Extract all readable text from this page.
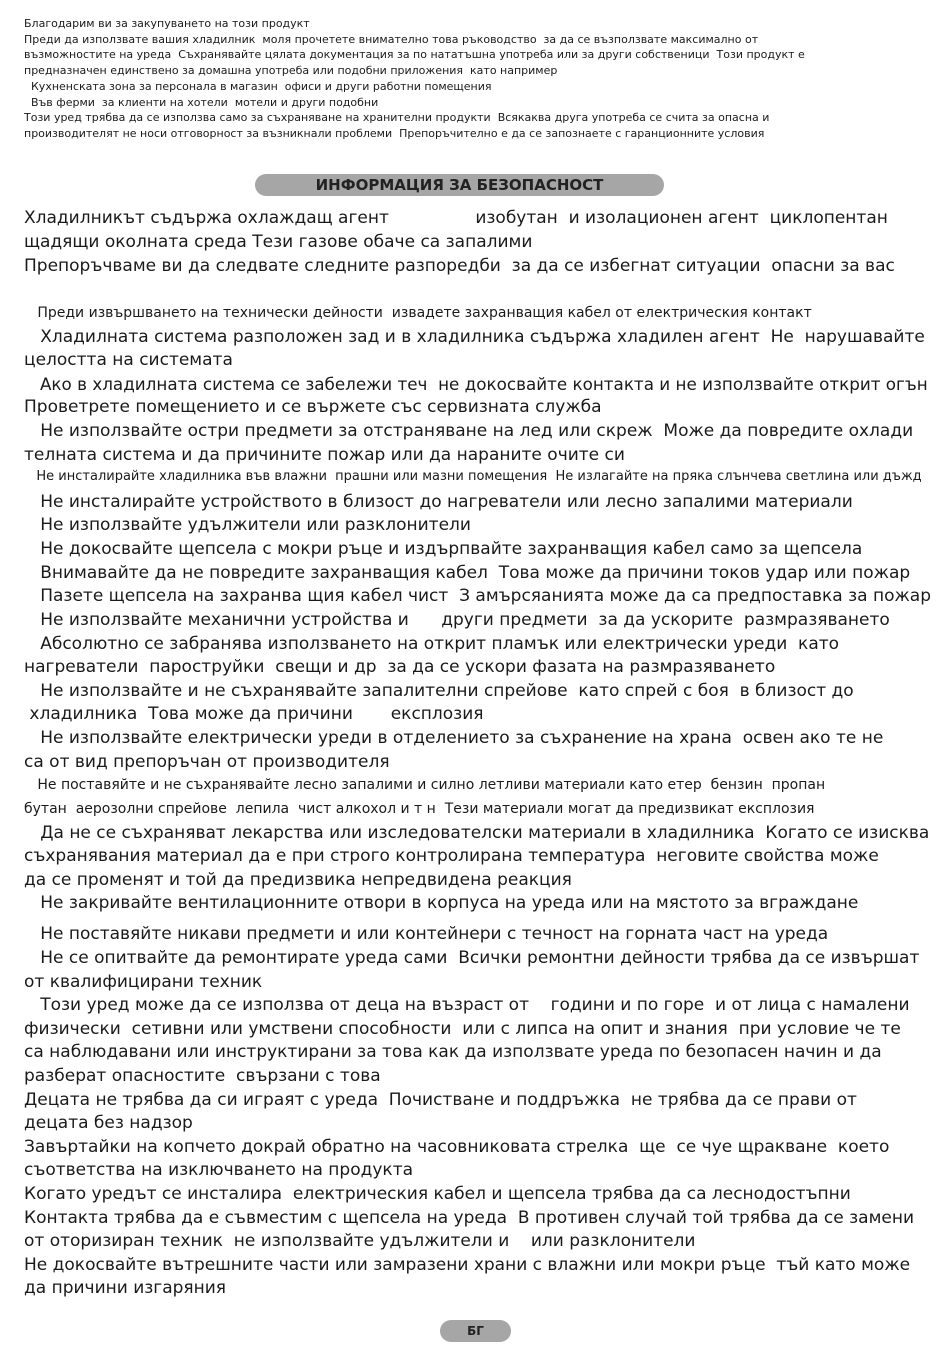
Благодарим ви за закупуването на този продукт
Преди да използвате вашия хладилник  моля прочетете внимателно това ръководство  за да се възползвате максимално от
възможностите на уреда  Съхранявайте цялата документация за по нататъшна употреба или за други собственици  Този продукт е
предназначен единствено за домашна употреба или подобни приложения  като например
Кухненската зона за персонала в магазин  офиси и други работни помещения
Във ферми  за клиенти на хотели  мотели и други подобни
Този уред трябва да се използва само за съхраняване на хранителни продукти  Всякаква друга употреба се счита за опасна и
производителят не носи отговорност за възникнали проблеми  Препоръчително е да се запознаете с гаранционните условия
ИНФОРМАЦИЯ ЗА БЕЗОПАСНОСТ
Хладилникът съдържа охлаждащ агент                изобутан  и изолационен агент  циклопентан
щадящи околната среда Тези газове обаче са запалими
Препоръчваме ви да следвате следните разпоредби  за да се избегнат ситуации  опасни за вас
Преди извършването на технически дейности  извадете захранващия кабел от електрическия контакт
Хладилната система разположен зад и в хладилника съдържа хладилен агент  Не  нарушавайте
целостта на системата
Ако в хладилната система се забележи теч  не докосвайте контакта и не използвайте открит огън
Проветрете помещението и се вържете със сервизната служба
Не използвайте остри предмети за отстраняване на лед или скреж  Може да повредите охлади
телната система и да причините пожар или да нараните очите си
Не инсталирайте хладилника във влажни  прашни или мазни помещения  Не излагайте на пряка слънчева светлина или дъжд
Не инсталирайте устройството в близост до нагреватели или лесно запалими материали
Не използвайте удължители или разклонители
Не докосвайте щепсела с мокри ръце и издърпвайте захранващия кабел само за щепсела
Внимавайте да не повредите захранващия кабел  Това може да причини токов удар или пожар
Пазете щепсела на захранва щия кабел чист  З амърсяанията може да са предпоставка за пожар
Не използвайте механични устройства и      други предмети  за да ускорите  размразяването
Абсолютно се забранява използването на открит пламък или електрически уреди  като
нагреватели  пароструйки  свещи и др  за да се ускори фазата на размразяването
Не използвайте и не съхранявайте запалителни спрейове  като спрей с боя  в близост до
хладилника  Това може да причини       експлозия
Не използвайте електрически уреди в отделението за съхранение на храна  освен ако те не
са от вид препоръчан от производителя
Не поставяйте и не съхранявайте лесно запалими и силно летливи материали като етер  бензин  пропан
бутан  аерозолни спрейове  лепила  чист алкохол и т н  Тези материали могат да предизвикат експлозия
Да не се съхраняват лекарства или изследователски материали в хладилника  Когато се изисква
съхранявания материал да е при строго контролирана температура  неговите свойства може
да се променят и той да предизвика непредвидена реакция
Не закривайте вентилационните отвори в корпуса на уреда или на мястото за вграждане
Не поставяйте никави предмети и или контейнери с течност на горната част на уреда
Не се опитвайте да ремонтирате уреда сами  Всички ремонтни дейности трябва да се извършат
от квалифицирани техник
Този уред може да се използва от деца на възраст от    години и по горе  и от лица с намалени
физически  сетивни или умствени способности  или с липса на опит и знания  при условие че те
са наблюдавани или инструктирани за това как да използвате уреда по безопасен начин и да
разберат опасностите  свързани с това
Децата не трябва да си играят с уреда  Почистване и поддръжка  не трябва да се прави от
децата без надзор
Завъртайки на копчето докрай обратно на часовниковата стрелка  ще  се чуе щракване  което
съответства на изключването на продукта
Когато уредът се инсталира  електрическия кабел и щепсела трябва да са леснодостъпни
Контакта трябва да е съвместим с щепсела на уреда  В противен случай той трябва да се замени
от оторизиран техник  не използвайте удължители и    или разклонители
Не докосвайте вътрешните части или замразени храни с влажни или мокри ръце  тъй като може
да причини изгаряния
БГ
